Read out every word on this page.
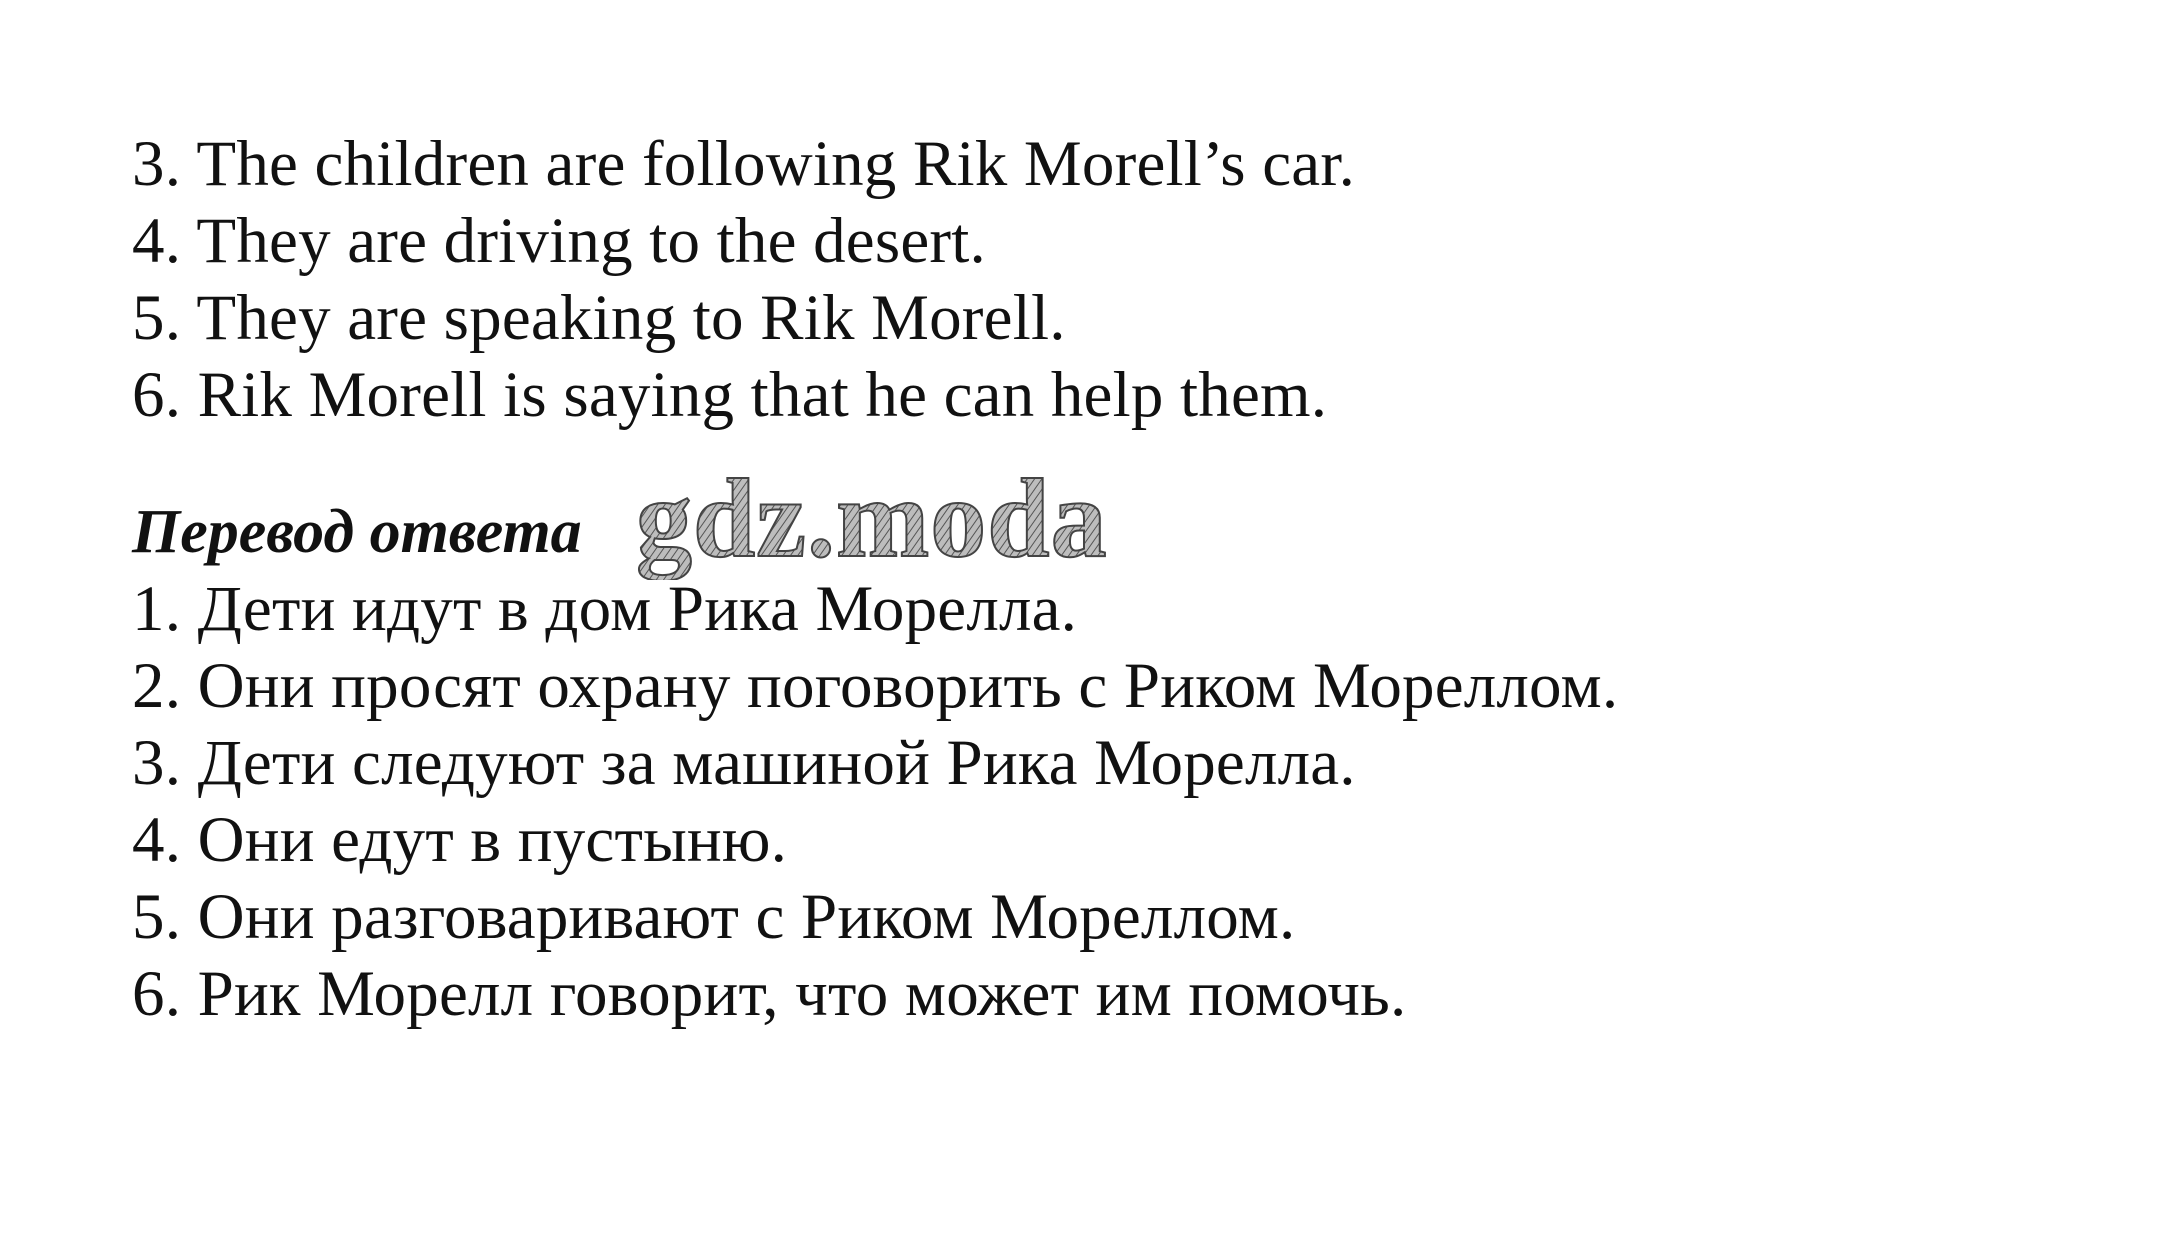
3. The children are following Rik Morell’s car.
4. They are driving to the desert.
5. They are speaking to Rik Morell.
6. Rik Morell is saying that he can help them.
Перевод ответа
1. Дети идут в дом Рика Морелла.
2. Они просят охрану поговорить с Риком Мореллом.
3. Дети следуют за машиной Рика Морелла.
4. Они едут в пустыню.
5. Они разговаривают с Риком Мореллом.
6. Рик Морелл говорит, что может им помочь.
gdz.moda
